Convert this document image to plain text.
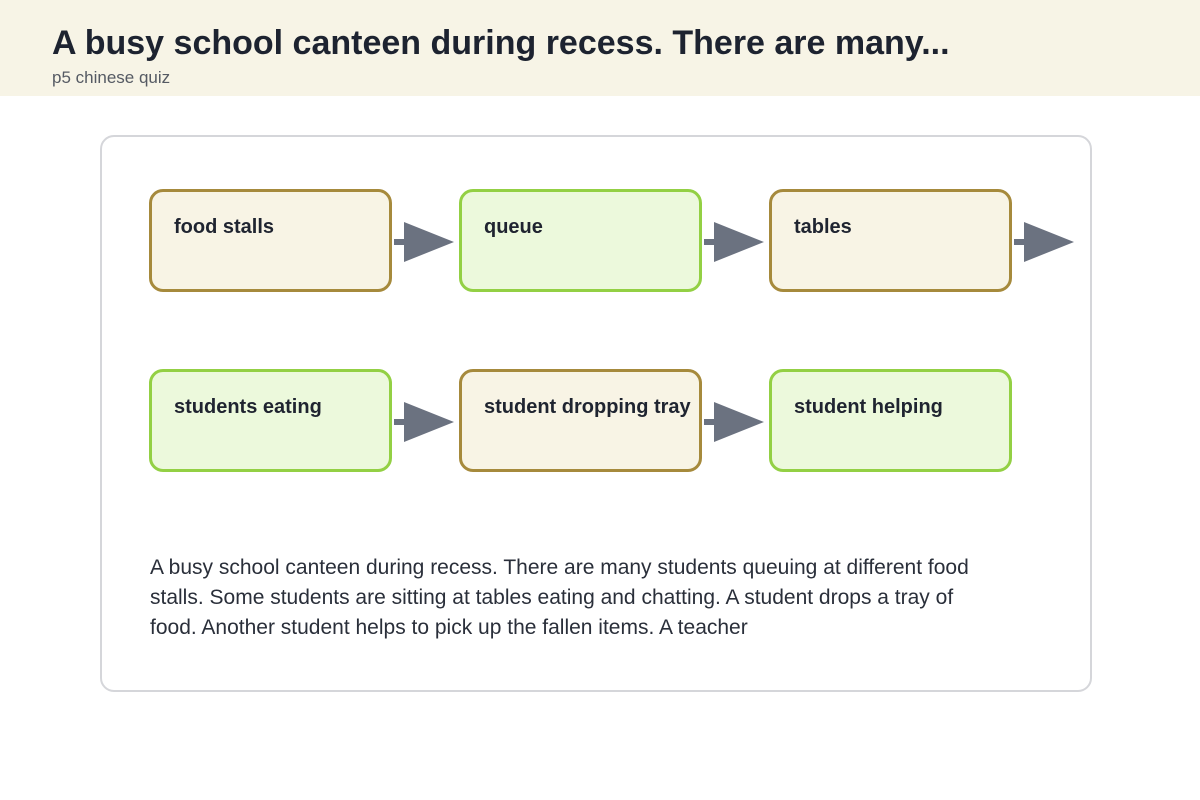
A busy school canteen during recess. There are many...
p5 chinese quiz
food stalls	queue	tables
students eating	student dropping tray	student helping

A busy school canteen during recess. There are many students queuing at different food stalls. Some students are sitting at tables eating and chatting. A student drops a tray of food. Another student helps to pick up the fallen items. A teacher
